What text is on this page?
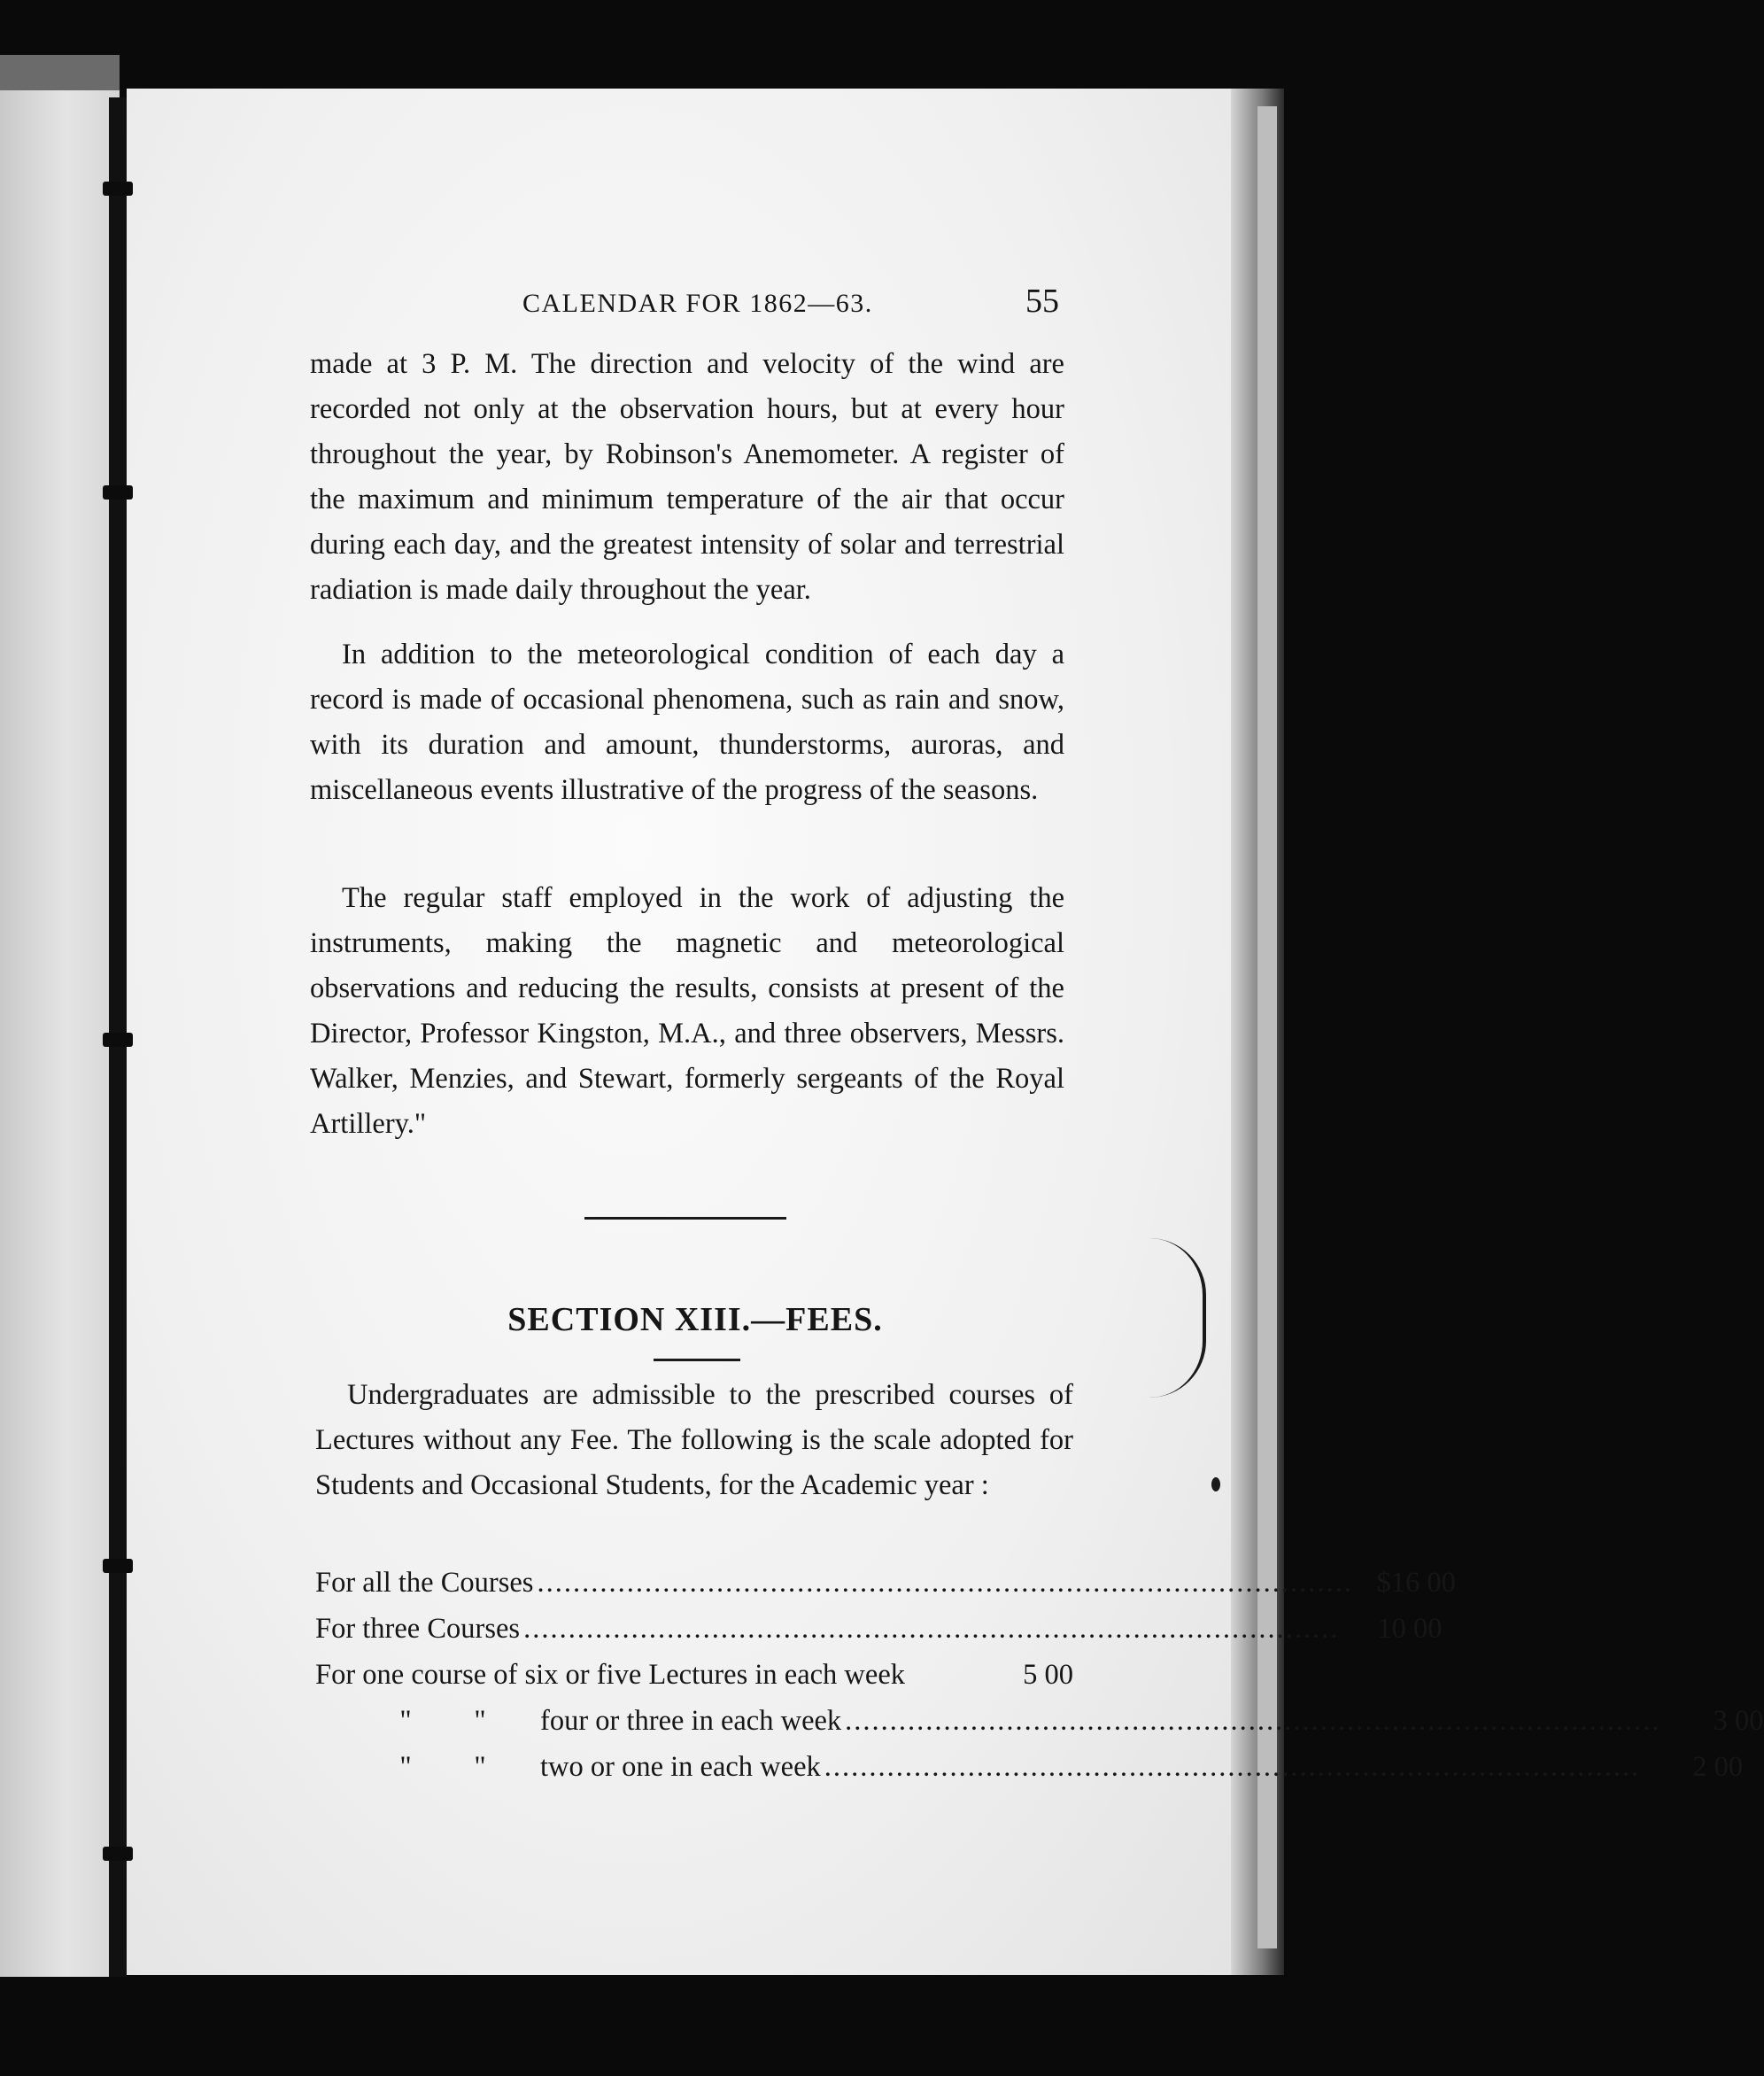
CALENDAR FOR 1862—63.	55

made at 3 P. M. The direction and velocity of the wind are recorded not only at the observation hours, but at every hour throughout the year, by Robinson's Anemometer. A register of the maximum and minimum temperature of the air that occur during each day, and the greatest intensity of solar and terrestrial radiation is made daily throughout the year.

In addition to the meteorological condition of each day a record is made of occasional phenomena, such as rain and snow, with its duration and amount, thunderstorms, auroras, and miscellaneous events illustrative of the progress of the seasons.

The regular staff employed in the work of adjusting the instruments, making the magnetic and meteorological observations and reducing the results, consists at present of the Director, Professor Kingston, M.A., and three observers, Messrs. Walker, Menzies, and Stewart, formerly sergeants of the Royal Artillery."

SECTION XIII.—FEES.

Undergraduates are admissible to the prescribed courses of Lectures without any Fee. The following is the scale adopted for Students and Occasional Students, for the Academic year :

For all the Courses ........................................................................................... $16 00
For three Courses ...........................................................................................	10 00
For one course of six or five Lectures in each week	5 00
" "	four or three in each week ...........................................................................................	3 00
" "	two or one in each week ...........................................................................................	2 00
